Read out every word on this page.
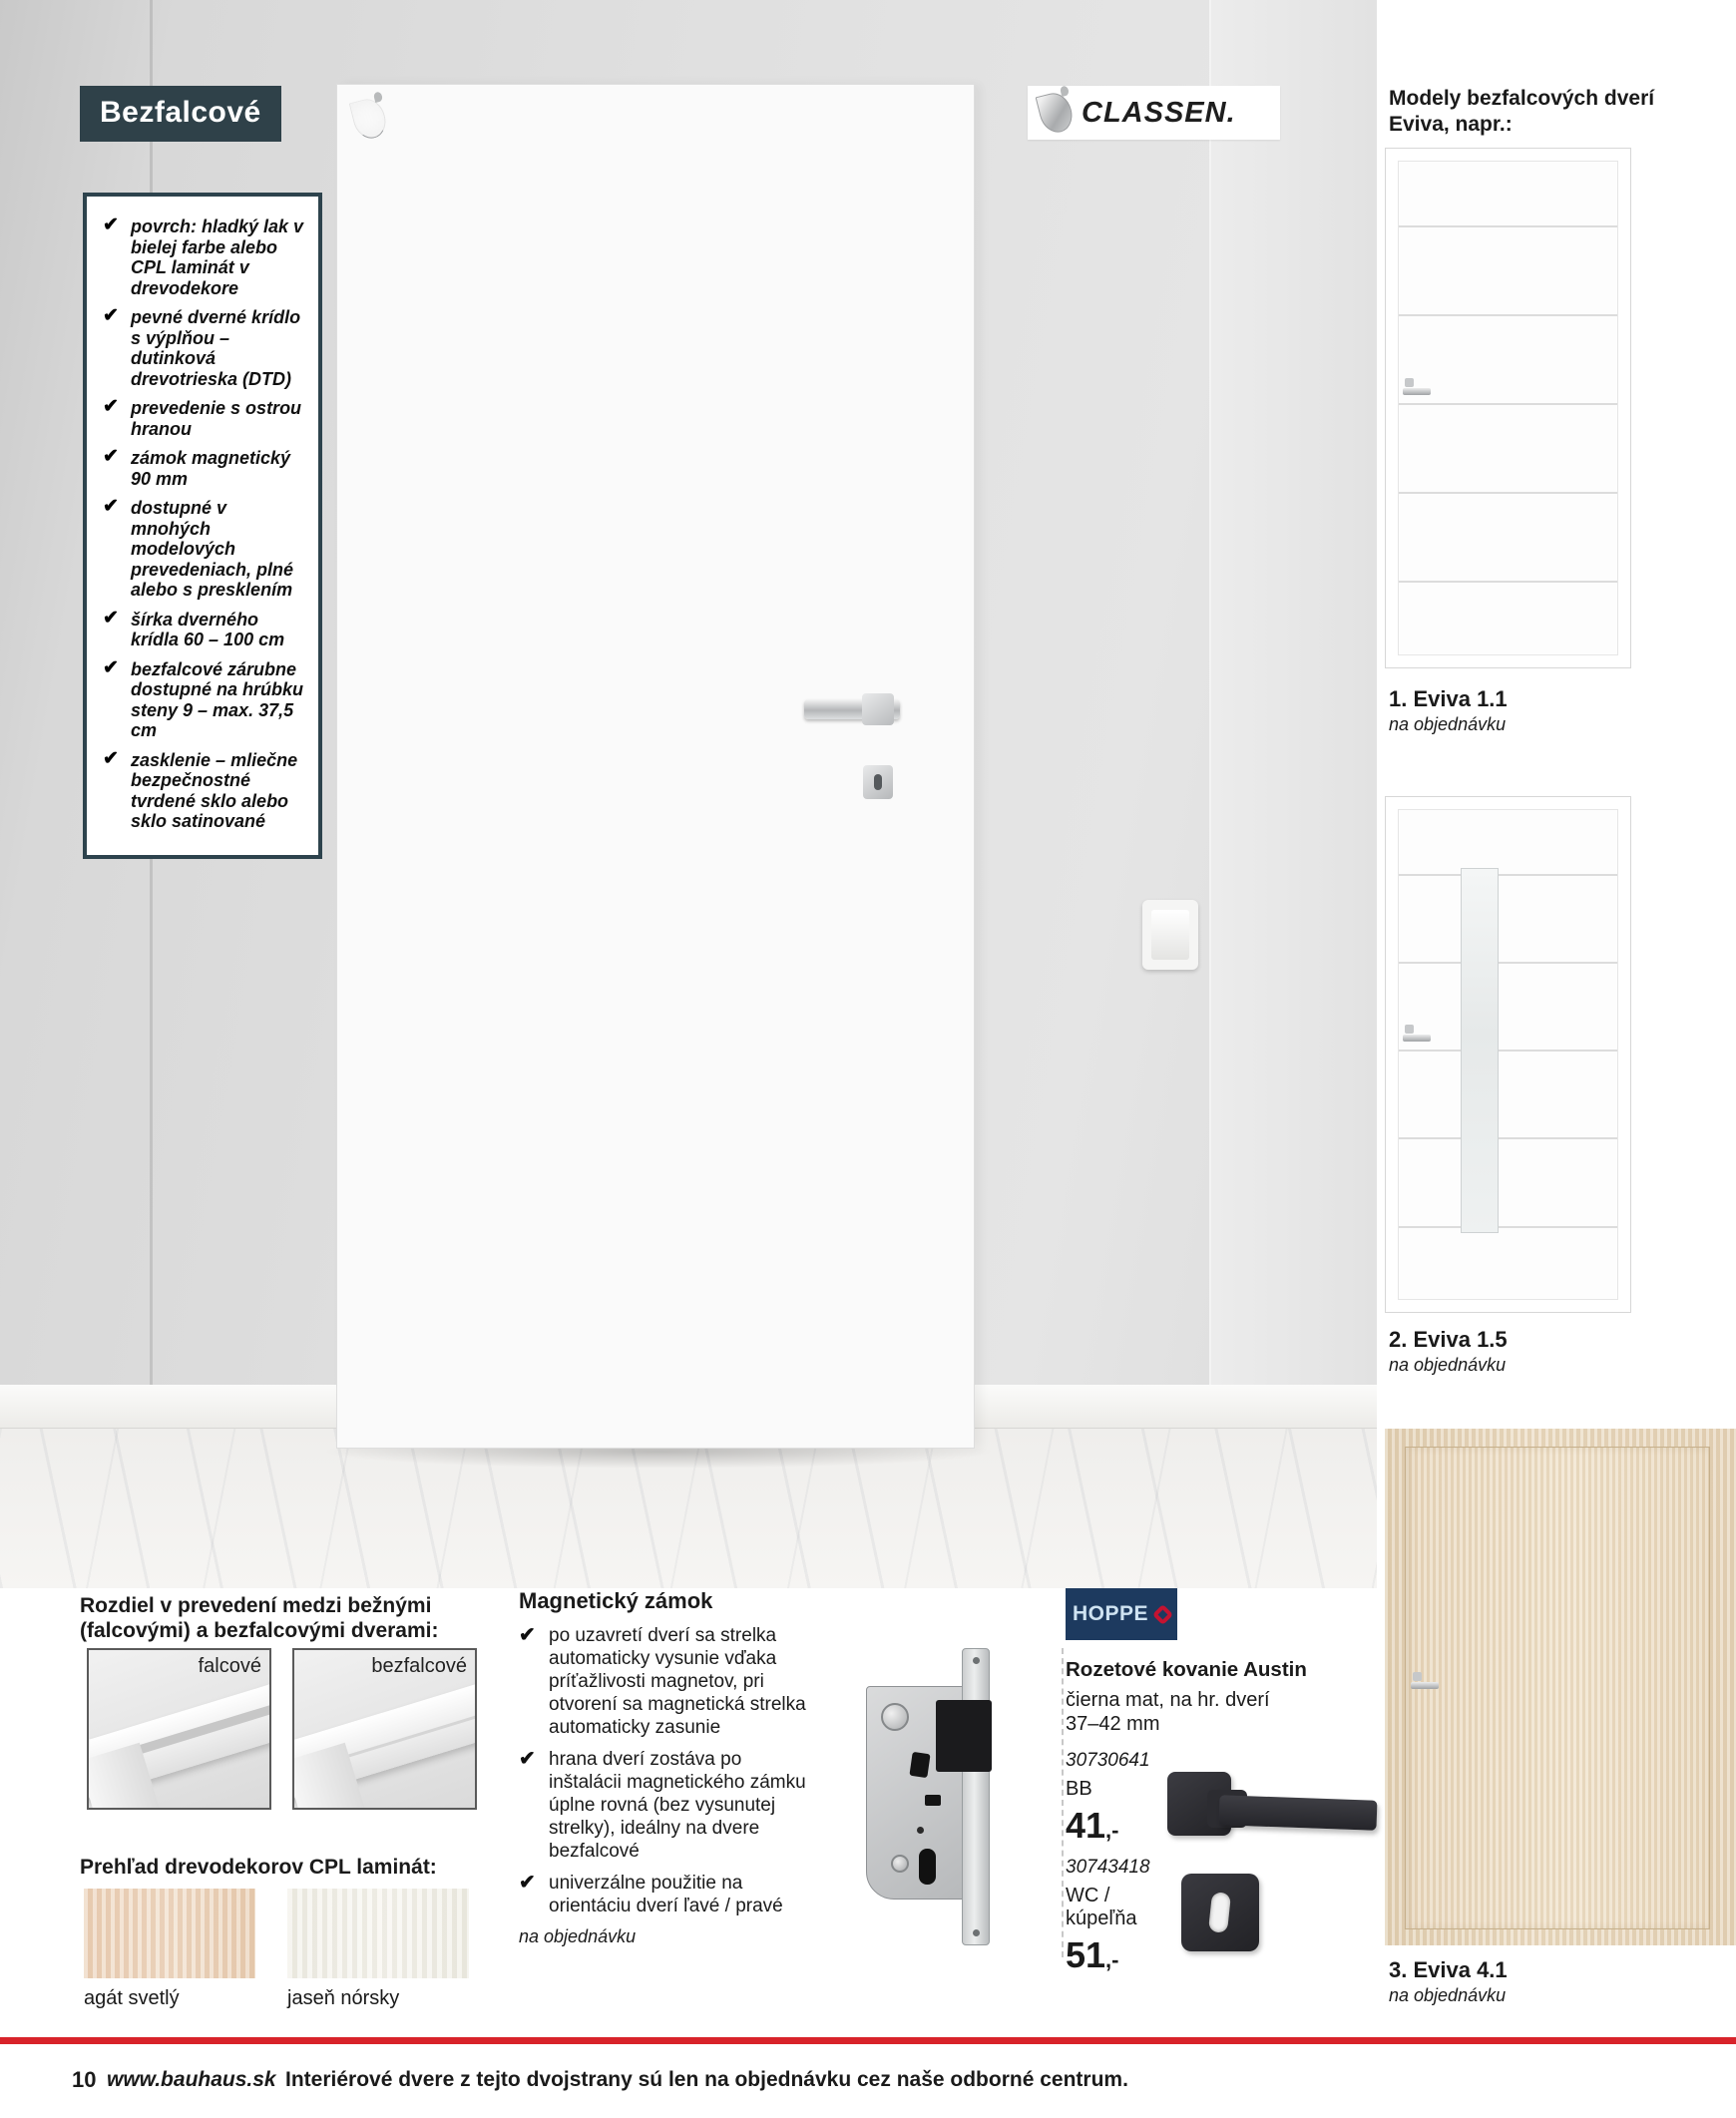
Bezfalcové
✔ povrch: hladký lak v bielej farbe alebo CPL laminát v drevodekore
✔ pevné dverné krídlo s výplňou – dutinková drevotrieska (DTD)
✔ prevedenie s ostrou hranou
✔ zámok magnetický 90 mm
✔ dostupné v mnohých modelových prevedeniach, plné alebo s presklením
✔ šírka dverného krídla 60 – 100 cm
✔ bezfalcové zárubne dostupné na hrúbku steny 9 – max. 37,5 cm
✔ zasklenie – mliečne bezpečnostné tvrdené sklo alebo sklo satinované
CLASSEN.	Modely bezfalcových dverí Eviva, napr.:
1. Eviva 1.1
na objednávku
2. Eviva 1.5
na objednávku
3. Eviva 4.1
na objednávku
Rozdiel v prevedení medzi bežnými (falcovými) a bezfalcovými dverami:
falcové	bezfalcové
Prehľad drevodekorov CPL laminát:
agát svetlý	jaseň nórsky
Magnetický zámok
✔ po uzavretí dverí sa strelka automaticky vysunie vďaka príťažlivosti magnetov, pri otvorení sa magnetická strelka automaticky zasunie
✔ hrana dverí zostáva po inštalácii magnetického zámku úplne rovná (bez vysunutej strelky), ideálny na dvere bezfalcové
✔ univerzálne použitie na orientáciu dverí ľavé / pravé
na objednávku
HOPPE
Rozetové kovanie Austin
čierna mat, na hr. dverí 37–42 mm
30730641
BB
41,-
30743418
WC / kúpeľňa
51,-
10 www.bauhaus.sk Interiérové dvere z tejto dvojstrany sú len na objednávku cez naše odborné centrum.
